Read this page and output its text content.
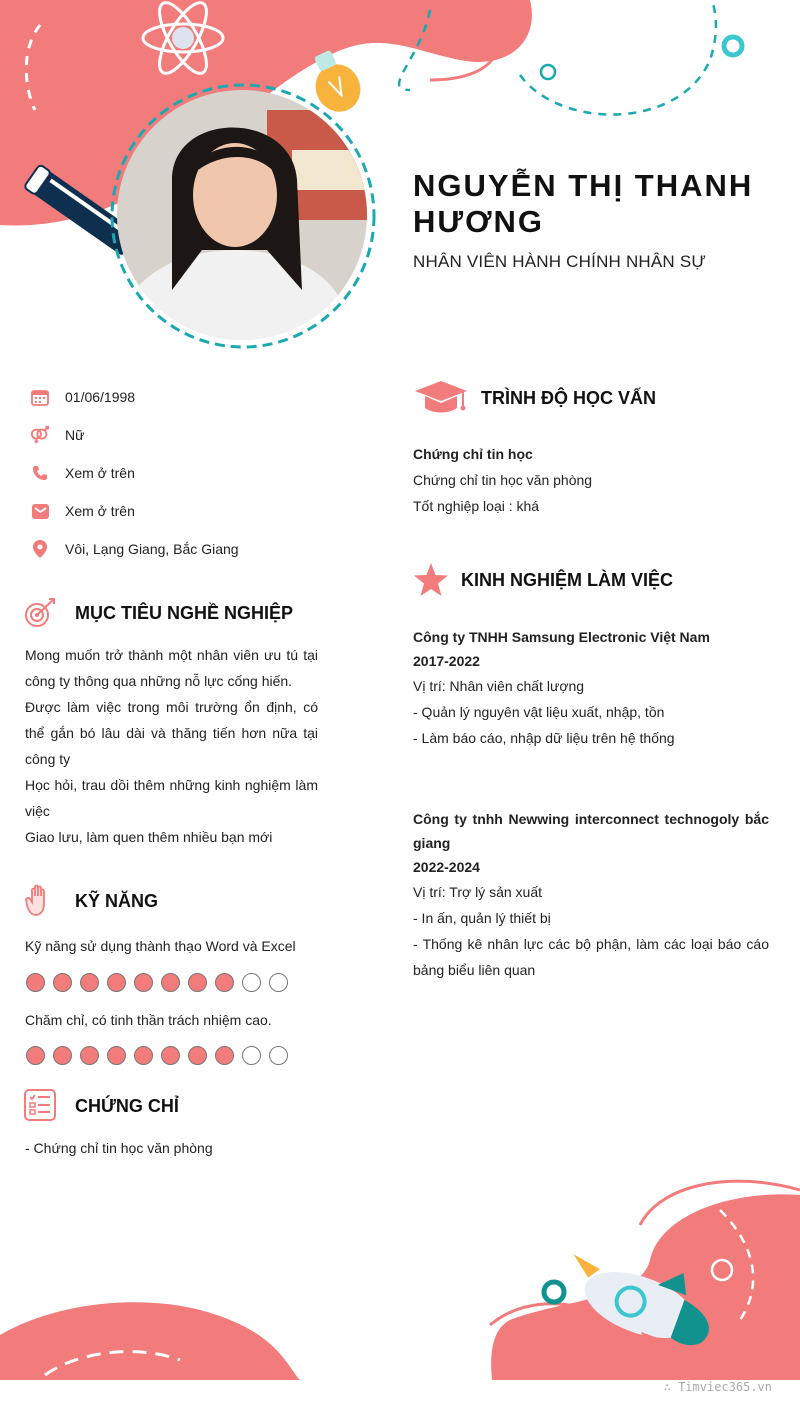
NGUYỄN THỊ THANH HƯƠNG
NHÂN VIÊN HÀNH CHÍNH NHÂN SỰ
01/06/1998
Nữ
Xem ở trên
Xem ở trên
Vôi, Lạng Giang, Bắc Giang
MỤC TIÊU NGHỀ NGHIỆP
Mong muốn trở thành một nhân viên ưu tú tại công ty thông qua những nỗ lực cống hiến.
Được làm việc trong môi trường ổn định, có thể gắn bó lâu dài và thăng tiến hơn nữa tại công ty
Học hỏi, trau dồi thêm những kinh nghiệm làm việc
Giao lưu, làm quen thêm nhiều bạn mới
KỸ NĂNG
Kỹ năng sử dụng thành thạo Word và Excel
Chăm chỉ, có tinh thần trách nhiệm cao.
CHỨNG CHỈ
- Chứng chỉ tin học văn phòng
TRÌNH ĐỘ HỌC VẤN
Chứng chỉ tin học
Chứng chỉ tin học văn phòng
Tốt nghiệp loại : khá
KINH NGHIỆM LÀM VIỆC
Công ty TNHH Samsung Electronic Việt Nam
2017-2022
Vị trí: Nhân viên chất lượng
- Quản lý nguyên vật liệu xuất, nhập, tồn
- Làm báo cáo, nhập dữ liệu trên hệ thống
Công ty tnhh Newwing interconnect technogoly bắc giang
2022-2024
Vị trí: Trợ lý sản xuất
- In ấn, quản lý thiết bị
- Thống kê nhân lực các bộ phận, làm các loại báo cáo bảng biểu liên quan
∴ Timviec365.vn
